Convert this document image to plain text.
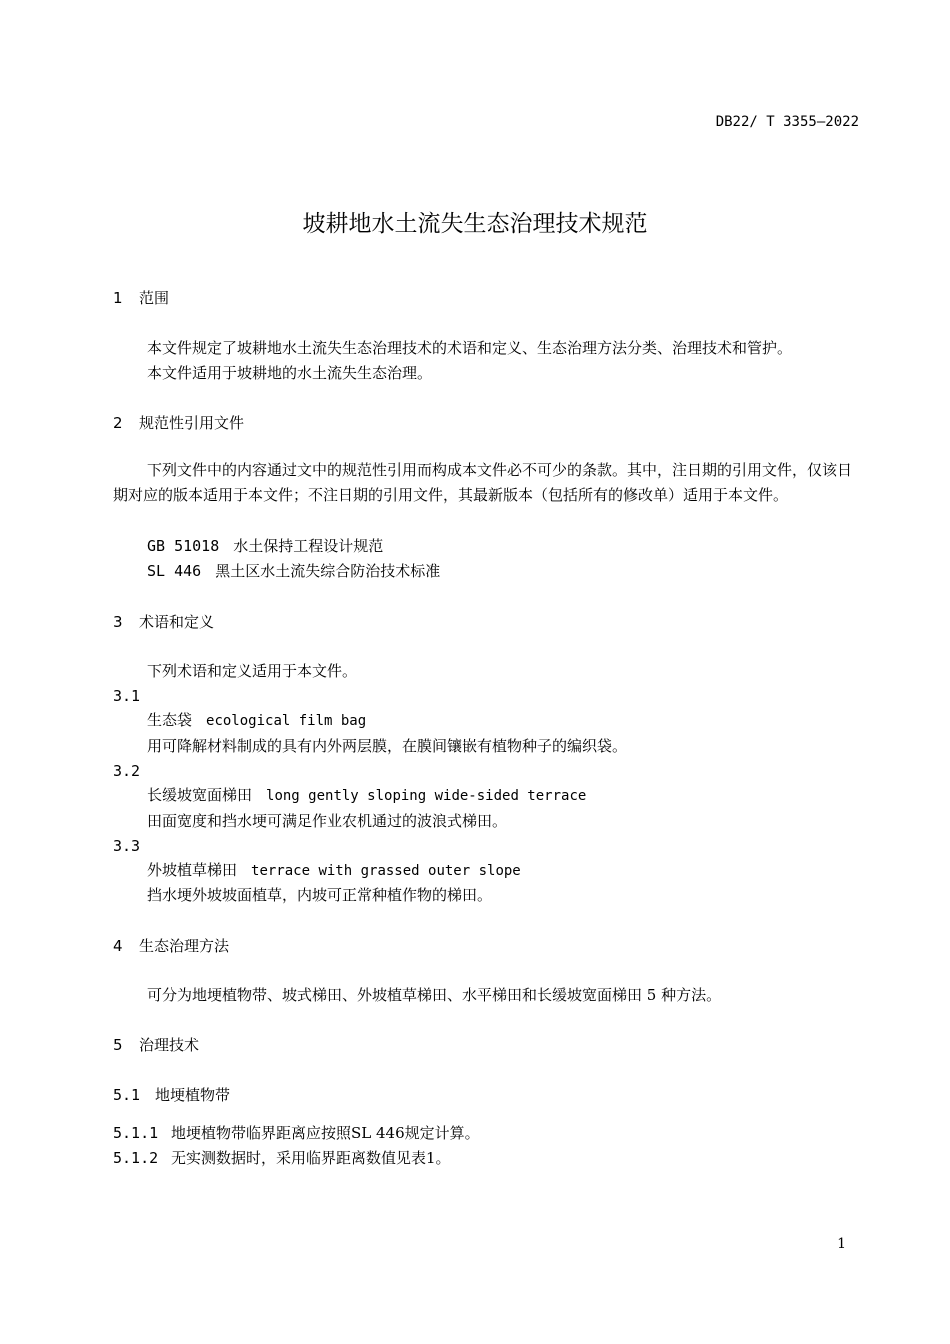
DB22/ T 3355—2022
坡耕地水土流失生态治理技术规范
1 范围
本文件规定了坡耕地水土流失生态治理技术的术语和定义、生态治理方法分类、治理技术和管护。
本文件适用于坡耕地的水土流失生态治理。
2 规范性引用文件
下列文件中的内容通过文中的规范性引用而构成本文件必不可少的条款。其中，注日期的引用文件，仅该日期对应的版本适用于本文件；不注日期的引用文件，其最新版本（包括所有的修改单）适用于本文件。
GB 51018 水土保持工程设计规范
SL 446 黑土区水土流失综合防治技术标准
3 术语和定义
下列术语和定义适用于本文件。
3.1
生态袋 ecological film bag
用可降解材料制成的具有内外两层膜，在膜间镶嵌有植物种子的编织袋。
3.2
长缓坡宽面梯田 long gently sloping wide-sided terrace
田面宽度和挡水埂可满足作业农机通过的波浪式梯田。
3.3
外坡植草梯田 terrace with grassed outer slope
挡水埂外坡坡面植草，内坡可正常种植作物的梯田。
4 生态治理方法
可分为地埂植物带、坡式梯田、外坡植草梯田、水平梯田和长缓坡宽面梯田 5 种方法。
5 治理技术
5.1 地埂植物带
5.1.1 地埂植物带临界距离应按照SL 446规定计算。
5.1.2 无实测数据时，采用临界距离数值见表1。
1
